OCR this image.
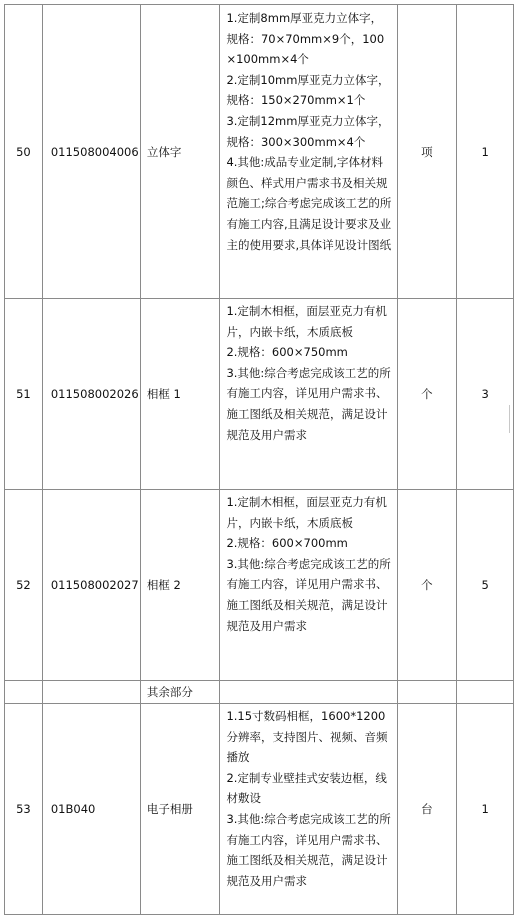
50	011508004006	立体字	1.定制8mm厚亚克力立体字，规格：70×70mm×9个，100×100mm×4个
2.定制10mm厚亚克力立体字，规格：150×270mm×1个
3.定制12mm厚亚克力立体字，规格：300×300mm×4个
4.其他:成品专业定制,字体材料颜色、样式用户需求书及相关规范施工;综合考虑完成该工艺的所有施工内容,且满足设计要求及业主的使用要求,具体详见设计图纸	项	1
51	011508002026	相框 1	1.定制木相框，面层亚克力有机片，内嵌卡纸，木质底板
2.规格：600×750mm
3.其他:综合考虑完成该工艺的所有施工内容，详见用户需求书、施工图纸及相关规范，满足设计规范及用户需求	个	3
52	011508002027	相框 2	1.定制木相框，面层亚克力有机片，内嵌卡纸，木质底板
2.规格：600×700mm
3.其他:综合考虑完成该工艺的所有施工内容，详见用户需求书、施工图纸及相关规范，满足设计规范及用户需求	个	5
		其余部分			
53	01B040	电子相册	1.15寸数码相框，1600*1200分辨率，支持图片、视频、音频播放
2.定制专业壁挂式安装边框，线材敷设
3.其他:综合考虑完成该工艺的所有施工内容，详见用户需求书、施工图纸及相关规范，满足设计规范及用户需求	台	1
